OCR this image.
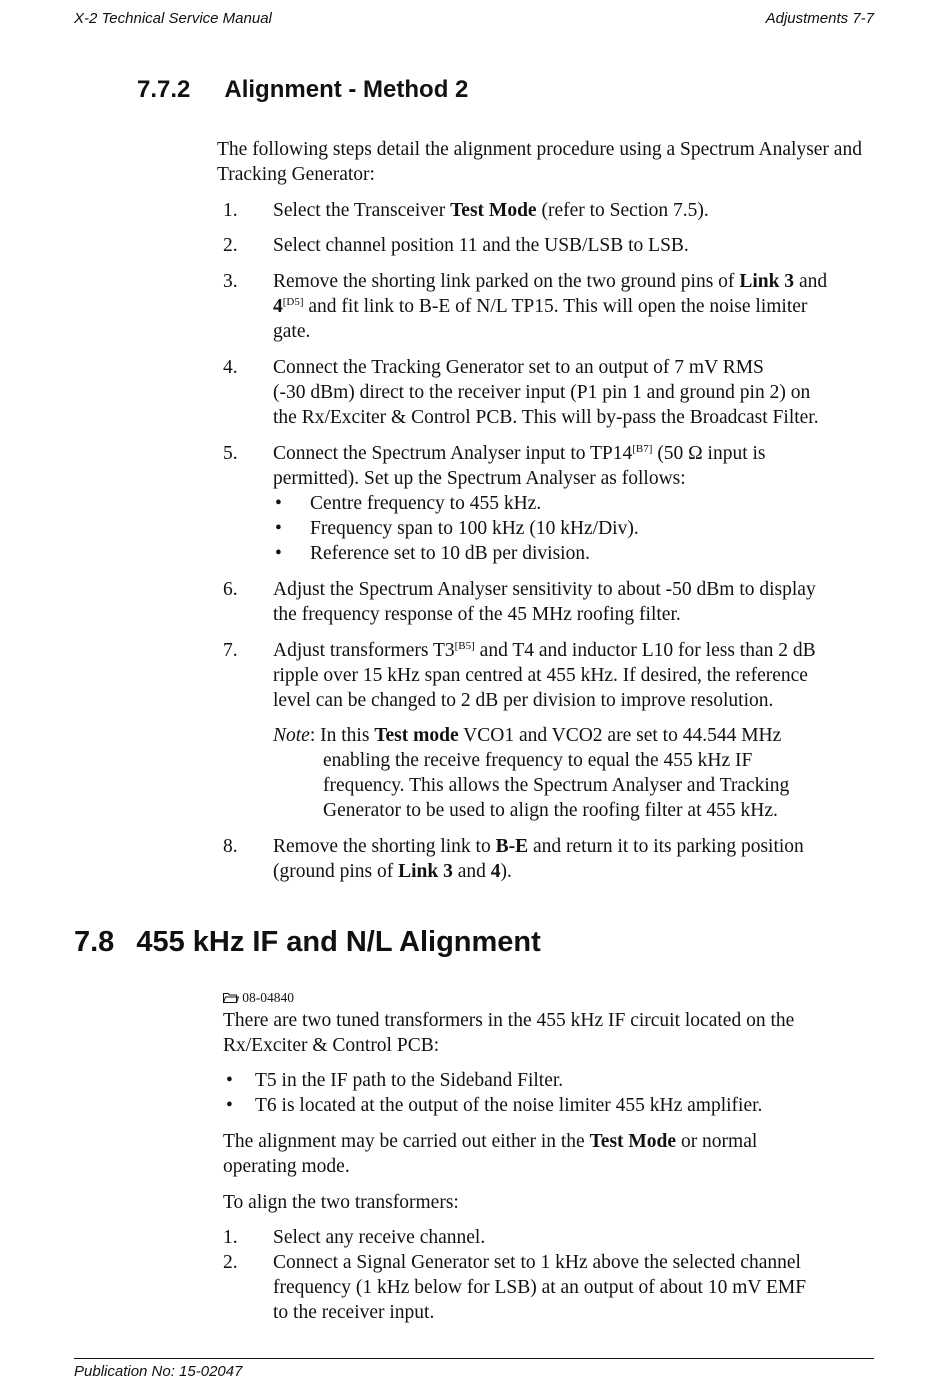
X-2 Technical Service Manual	Adjustments 7-7
7.7.2 Alignment - Method 2

The following steps detail the alignment procedure using a Spectrum Analyser and Tracking Generator:

1. Select the Transceiver Test Mode (refer to Section 7.5).

2. Select channel position 11 and the USB/LSB to LSB.

3. Remove the shorting link parked on the two ground pins of Link 3 and
4[D5] and fit link to B-E of N/L TP15. This will open the noise limiter
gate.

4. Connect the Tracking Generator set to an output of 7 mV RMS
(-30 dBm) direct to the receiver input (P1 pin 1 and ground pin 2) on
the Rx/Exciter & Control PCB. This will by-pass the Broadcast Filter.

5. Connect the Spectrum Analyser input to TP14[B7] (50 Ω input is
permitted). Set up the Spectrum Analyser as follows:

• Centre frequency to 455 kHz.

• Frequency span to 100 kHz (10 kHz/Div).

• Reference set to 10 dB per division.

6. Adjust the Spectrum Analyser sensitivity to about -50 dBm to display
the frequency response of the 45 MHz roofing filter.

7. Adjust transformers T3[B5] and T4 and inductor L10 for less than 2 dB
ripple over 15 kHz span centred at 455 kHz. If desired, the reference
level can be changed to 2 dB per division to improve resolution.

Note: In this Test mode VCO1 and VCO2 are set to 44.544 MHz

enabling the receive frequency to equal the 455 kHz IF
frequency. This allows the Spectrum Analyser and Tracking
Generator to be used to align the roofing filter at 455 kHz.

8. Remove the shorting link to B-E and return it to its parking position
(ground pins of Link 3 and 4).

7.8 455 kHz IF and N/L Alignment
08-04840

There are two tuned transformers in the 455 kHz IF circuit located on the
Rx/Exciter & Control PCB:

• T5 in the IF path to the Sideband Filter.

• T6 is located at the output of the noise limiter 455 kHz amplifier.

The alignment may be carried out either in the Test Mode or normal
operating mode.

To align the two transformers:

1. Select any receive channel.

2. Connect a Signal Generator set to 1 kHz above the selected channel
frequency (1 kHz below for LSB) at an output of about 10 mV EMF
to the receiver input.

Publication No: 15-02047
